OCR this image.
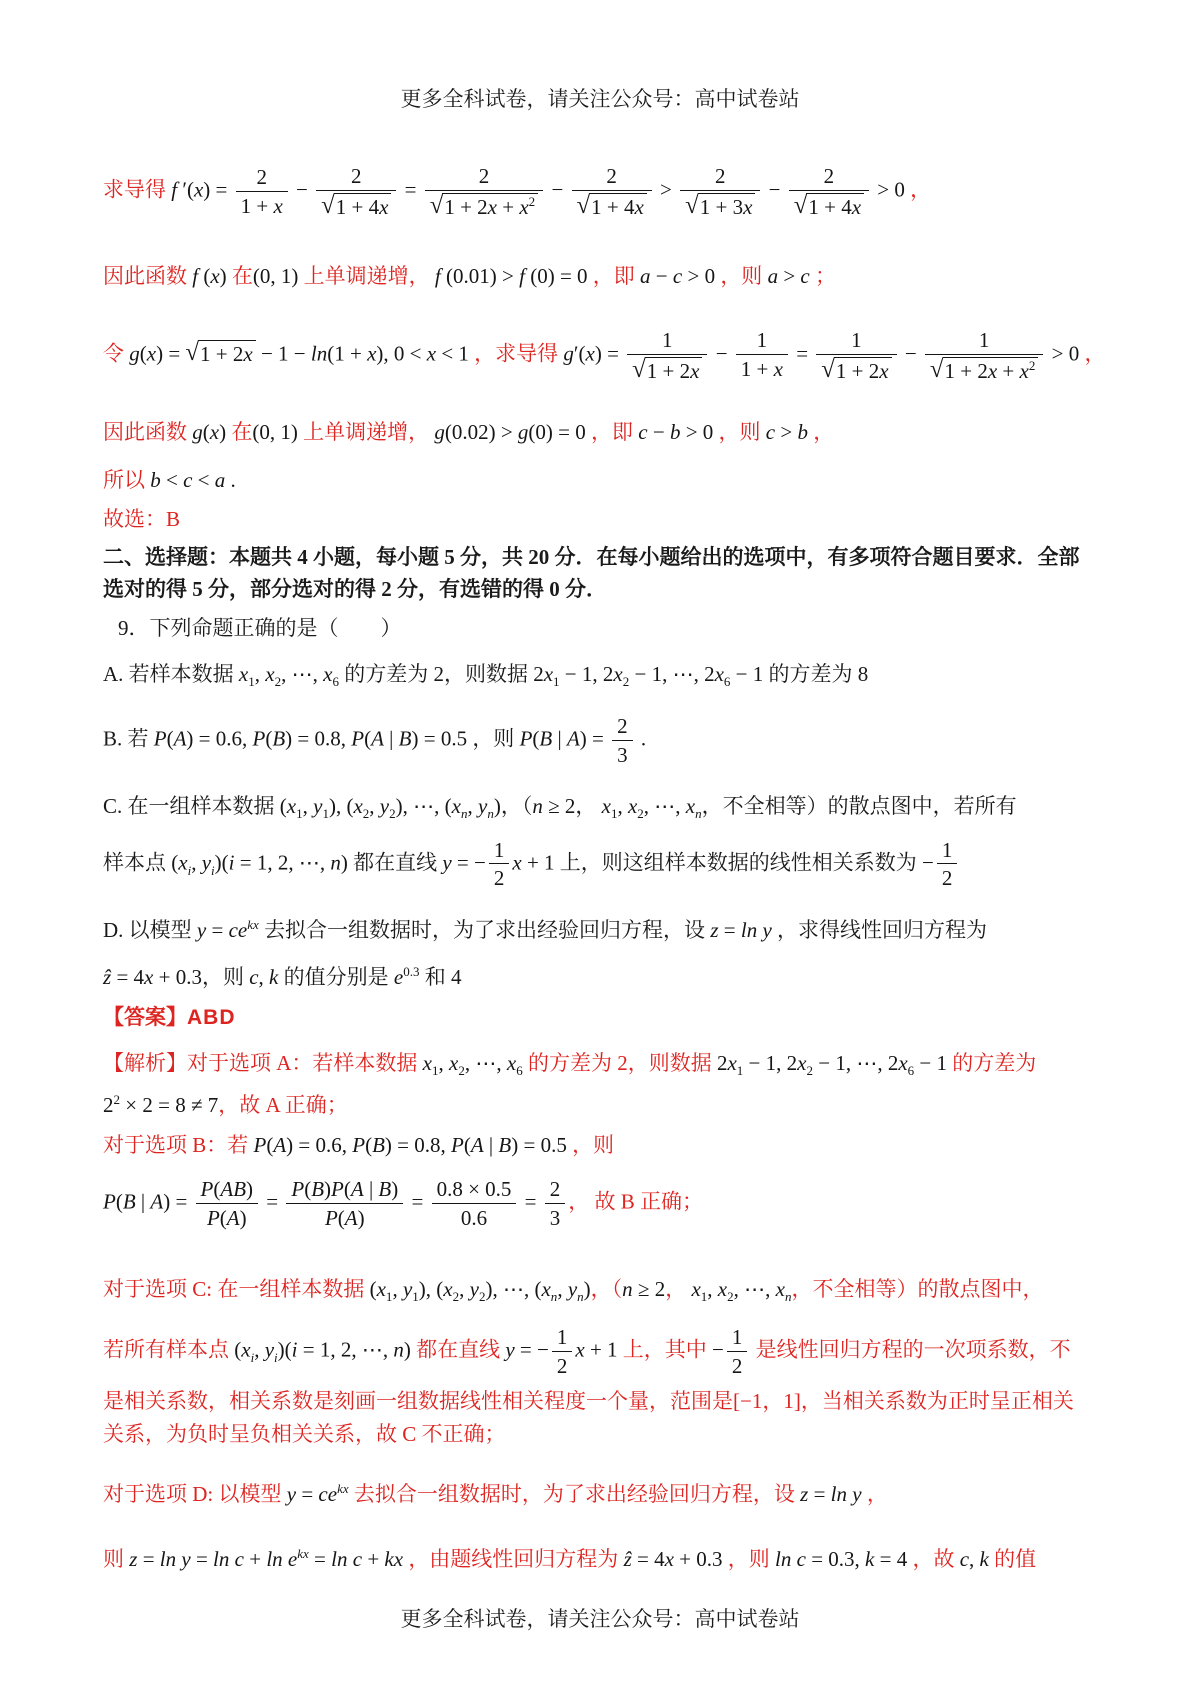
更多全科试卷，请关注公众号：高中试卷站
求导得 f $'(x) = \frac{2}{1 + x} - \frac{2}{√ 1 + 4x} = \frac{2}{√ 1 + 2x + x^2} - \frac{2}{√ 1 + 4x} > \frac{2}{√ 1 + 3x} - \frac{2}{√ 1 + 4x} > 0$ ，
因此函数 f (x) 在(0, 1) 上单调递增， f (0.01) > f (0) = 0 ，即 a − c > 0 ，则 a > c ；
令 g(x) = √ 1 + 2x − 1 − ln(1 + x), 0 < x < 1 ，求导得 $g'(x) = \frac{1}{√ 1 + 2x} - \frac{1}{1 + x} = \frac{1}{√ 1 + 2x} - \frac{1}{√ 1 + 2x + x^2} > 0$ ，
因此函数 g(x) 在(0, 1) 上单调递增， g(0.02) > g(0) = 0 ，即 c − b > 0 ，则 c > b ，
所以 b < c < a .
故选：B
二、选择题：本题共 4 小题，每小题 5 分，共 20 分．在每小题给出的选项中，有多项符合题目要求．全部
选对的得 5 分，部分选对的得 2 分，有选错的得 0 分．
9．下列命题正确的是（　　）
A. 若样本数据 $x_1$, $x_2$, ⋯, $x_6$ 的方差为 2，则数据 $2x_1 - 1$, $2x_2 - 1$, ⋯, $2x_6 - 1$ 的方差为 8
B. 若 P(A) = 0.6, P(B) = 0.8, P(A | B) = 0.5 ，则 P(B | $A) = \frac{2}{3}$ .
C. 在一组样本数据 ($x_1$, $y_1$), ($x_2$, $y_2$), ⋯, ($x_n$, $y_n$)，（n ≥ 2， $x_1$, $x_2$, ⋯, $x_n$，不全相等）的散点图中，若所有
样本点 ($x_i$, $y_i)(i = 1$, 2, ⋯, n) 都在直线 y = − $\frac{1}{2}$ x + 1 上，则这组样本数据的线性相关系数为 − $\frac{1}{2}$
D. 以模型 $y = ce^{kx}$ 去拟合一组数据时，为了求出经验回归方程，设 z = ln y ，求得线性回归方程为
ẑ = 4x + 0.3，则 c, k 的值分别是 $e^{0.3}$ 和 4
【答案】ABD
【解析】对于选项 A：若样本数据 $x_1$, $x_2$, ⋯, $x_6$ 的方差为 2，则数据 $2x_1 - 1$, $2x_2 - 1$, ⋯, $2x_6 - 1$ 的方差为
$2^2 \times 2 = 8 \ne 7$，故 A 正确；
对于选项 B：若 P(A) = 0.6, P(B) = 0.8, P(A | B) = 0.5 ，则
P(B | $A) = \frac{P(AB)}{P(A)} = \frac{P(B)P(A | B)}{P(A)} = \frac{0.8 \times 0.5}{0.6} = \frac{2}{3}$ ， 故 B 正确；
对于选项 C: 在一组样本数据 ($x_1$, $y_1$), ($x_2$, $y_2$), ⋯, ($x_n$, $y_n$)，（n ≥ 2， $x_1$, $x_2$, ⋯, $x_n$，不全相等）的散点图中，
若所有样本点 ($x_i$, $y_i)(i = 1$, 2, ⋯, n) 都在直线 y = − $\frac{1}{2}$ x + 1 上，其中 − $\frac{1}{2}$ 是线性回归方程的一次项系数，不
是相关系数，相关系数是刻画一组数据线性相关程度一个量，范围是[−1，1]，当相关系数为正时呈正相关
关系，为负时呈负相关关系，故 C 不正确；
对于选项 D: 以模型 $y = ce^{kx}$ 去拟合一组数据时，为了求出经验回归方程，设 z = ln y ，
则 $z = \ln y = \ln c + \ln e^{kx} = \ln c$ + kx ，由题线性回归方程为 ẑ = 4x + 0.3 ，则 ln c = 0.3, k = 4 ，故 c, k 的值
更多全科试卷，请关注公众号：高中试卷站
